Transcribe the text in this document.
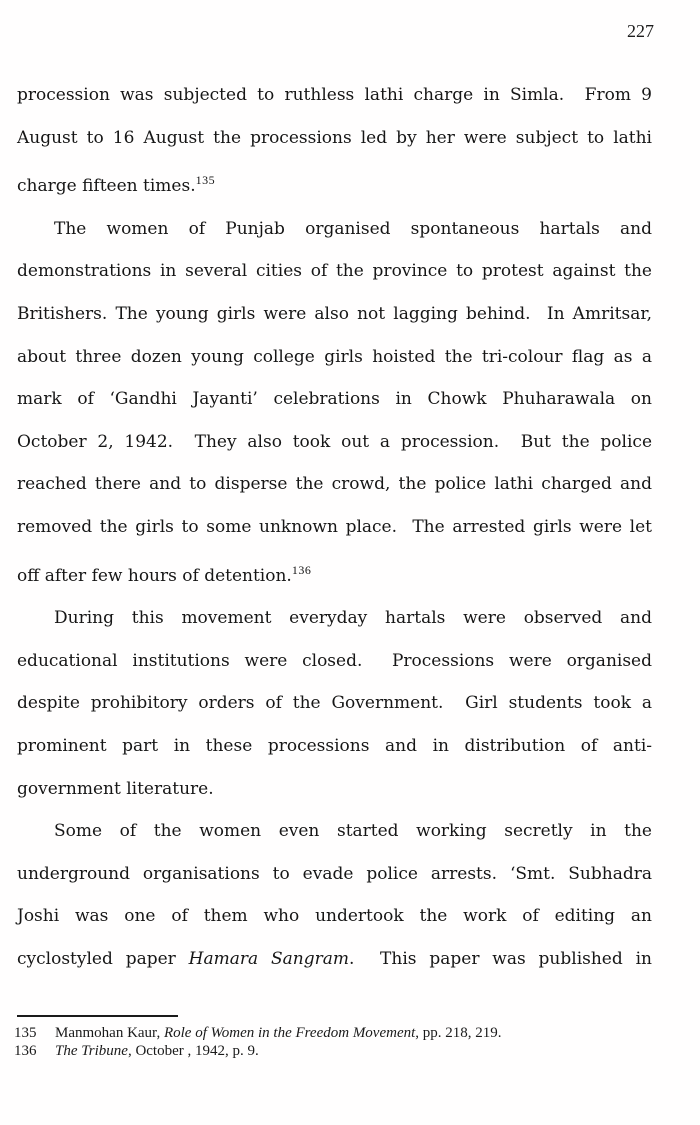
227
procession was subjected to ruthless lathi charge in Simla.  From 9
August to 16 August the processions led by her were subject to lathi
charge fifteen times.$^{135}$
The women of Punjab organised spontaneous hartals and
demonstrations in several cities of the province to protest against the
Britishers. The young girls were also not lagging behind.  In Amritsar,
about three dozen young college girls hoisted the tri-colour flag as a
mark of ‘Gandhi Jayanti’ celebrations in Chowk Phuharawala on
October 2, 1942.  They also took out a procession.  But the police
reached there and to disperse the crowd, the police lathi charged and
removed the girls to some unknown place.  The arrested girls were let
off after few hours of detention.$^{136}$
During this movement everyday hartals were observed and
educational institutions were closed.  Processions were organised
despite prohibitory orders of the Government.  Girl students took a
prominent part in these processions and in distribution of anti-
government literature.
Some of the women even started working secretly in the
underground organisations to evade police arrests. ‘Smt. Subhadra
Joshi was one of them who undertook the work of editing an
cyclostyled paper Hamara Sangram.  This paper was published in
135	Manmohan Kaur, Role of Women in the Freedom Movement, pp. 218, 219.
136	The Tribune, October , 1942, p. 9.
